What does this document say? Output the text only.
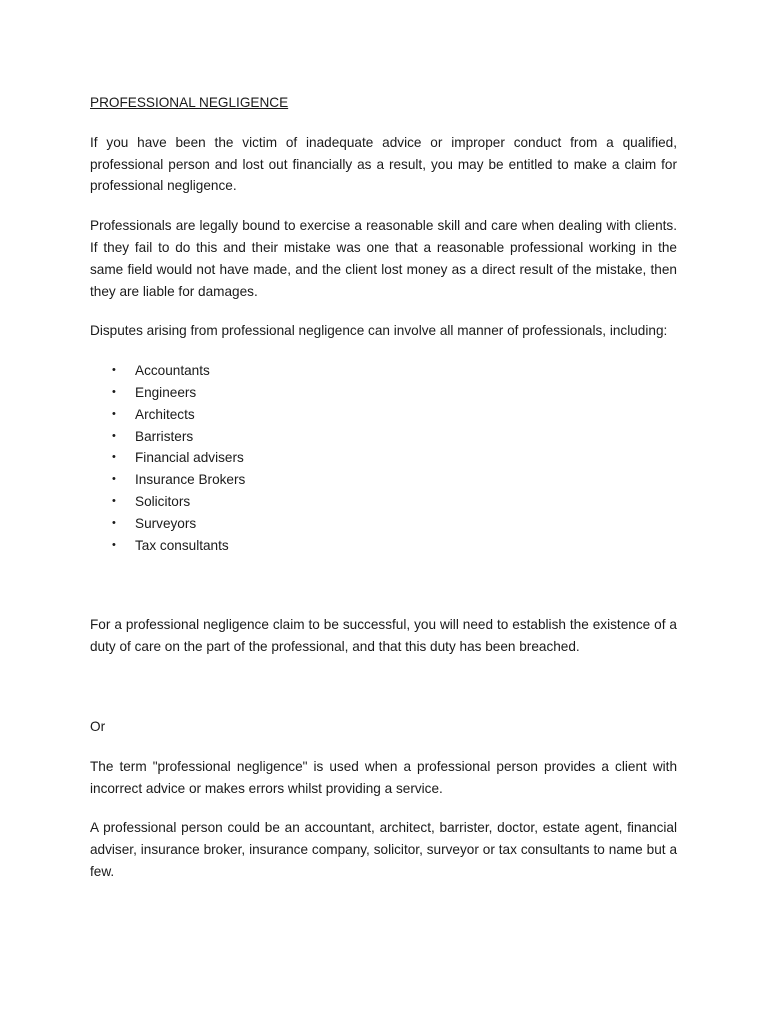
PROFESSIONAL NEGLIGENCE

If you have been the victim of inadequate advice or improper conduct from a qualified, professional person and lost out financially as a result, you may be entitled to make a claim for professional negligence.

Professionals are legally bound to exercise a reasonable skill and care when dealing with clients. If they fail to do this and their mistake was one that a reasonable professional working in the same field would not have made, and the client lost money as a direct result of the mistake, then they are liable for damages.

Disputes arising from professional negligence can involve all manner of professionals, including:

• Accountants
• Engineers
• Architects
• Barristers
• Financial advisers
• Insurance Brokers
• Solicitors
• Surveyors
• Tax consultants

For a professional negligence claim to be successful, you will need to establish the existence of a duty of care on the part of the professional, and that this duty has been breached.

Or

The term "professional negligence" is used when a professional person provides a client with incorrect advice or makes errors whilst providing a service.

A professional person could be an accountant, architect, barrister, doctor, estate agent, financial adviser, insurance broker, insurance company, solicitor, surveyor or tax consultants to name but a few.
